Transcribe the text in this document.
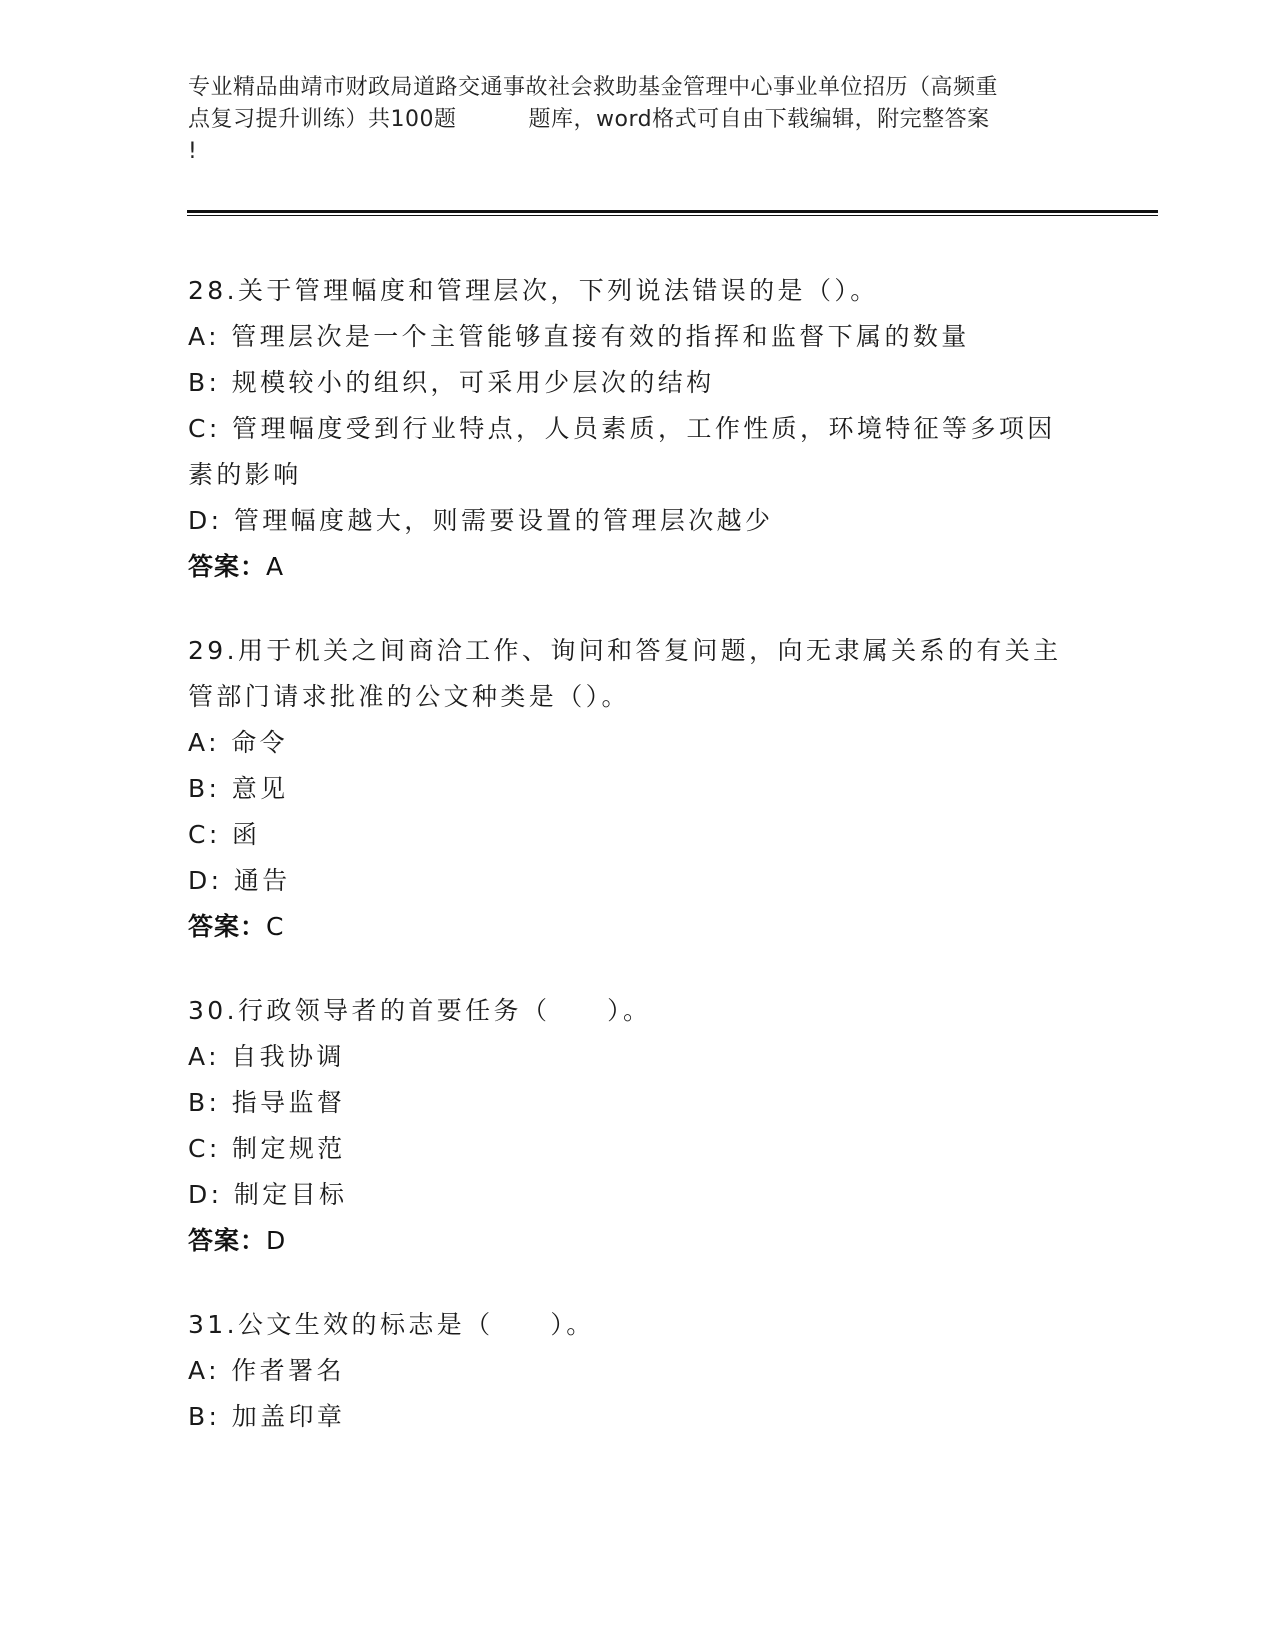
专业精品曲靖市财政局道路交通事故社会救助基金管理中心事业单位招历（高频重
点复习提升训练）共100题	题库，word格式可自由下载编辑，附完整答案
!
28.关于管理幅度和管理层次，下列说法错误的是（）。
A: 管理层次是一个主管能够直接有效的指挥和监督下属的数量
B: 规模较小的组织，可采用少层次的结构
C: 管理幅度受到行业特点，人员素质，工作性质，环境特征等多项因
素的影响
D: 管理幅度越大，则需要设置的管理层次越少
答案：A
29.用于机关之间商洽工作、询问和答复问题，向无隶属关系的有关主
管部门请求批准的公文种类是（）。
A: 命令
B: 意见
C: 函
D: 通告
答案：C
30.行政领导者的首要任务（　　）。
A: 自我协调
B: 指导监督
C: 制定规范
D: 制定目标
答案：D
31.公文生效的标志是（　　）。
A: 作者署名
B: 加盖印章
